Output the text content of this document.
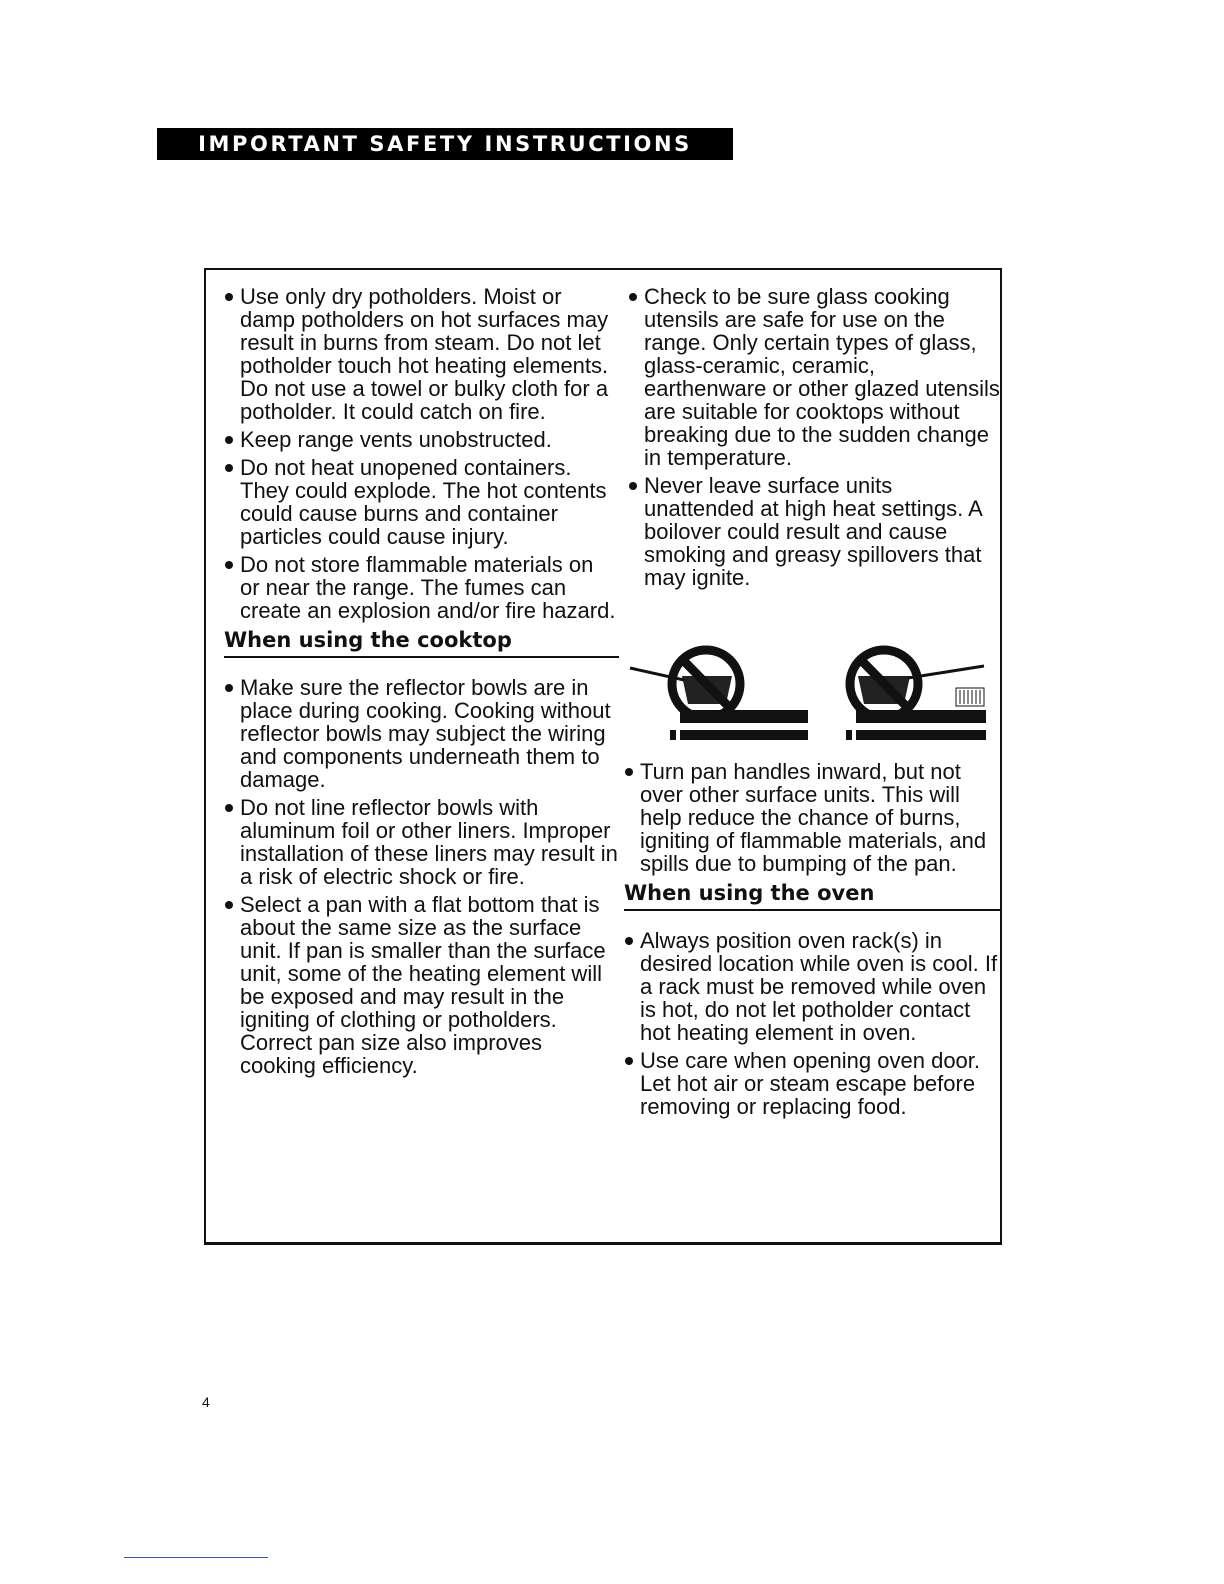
IMPORTANT SAFETY INSTRUCTIONS
Use only dry potholders. Moist or damp potholders on hot surfaces may result in burns from steam. Do not let potholder touch hot heating elements. Do not use a towel or bulky cloth for a potholder. It could catch on fire.
Keep range vents unobstructed.
Do not heat unopened containers. They could explode. The hot contents could cause burns and container particles could cause injury.
Do not store flammable materials on or near the range. The fumes can create an explosion and/or fire hazard.
When using the cooktop
Make sure the reflector bowls are in place during cooking. Cooking without reflector bowls may subject the wiring and components underneath them to damage.
Do not line reflector bowls with aluminum foil or other liners. Improper installation of these liners may result in a risk of electric shock or fire.
Select a pan with a flat bottom that is about the same size as the surface unit. If pan is smaller than the surface unit, some of the heating element will be exposed and may result in the igniting of clothing or potholders. Correct pan size also improves cooking efficiency.
Check to be sure glass cooking utensils are safe for use on the range. Only certain types of glass, glass-ceramic, ceramic, earthenware or other glazed utensils are suitable for cooktops without breaking due to the sudden change in temperature.
Never leave surface units unattended at high heat settings. A boilover could result and cause smoking and greasy spillovers that may ignite.
Turn pan handles inward, but not over other surface units. This will help reduce the chance of burns, igniting of flammable materials, and spills due to bumping of the pan.
When using the oven
Always position oven rack(s) in desired location while oven is cool. If a rack must be removed while oven is hot, do not let potholder contact hot heating element in oven.
Use care when opening oven door. Let hot air or steam escape before removing or replacing food.
4
